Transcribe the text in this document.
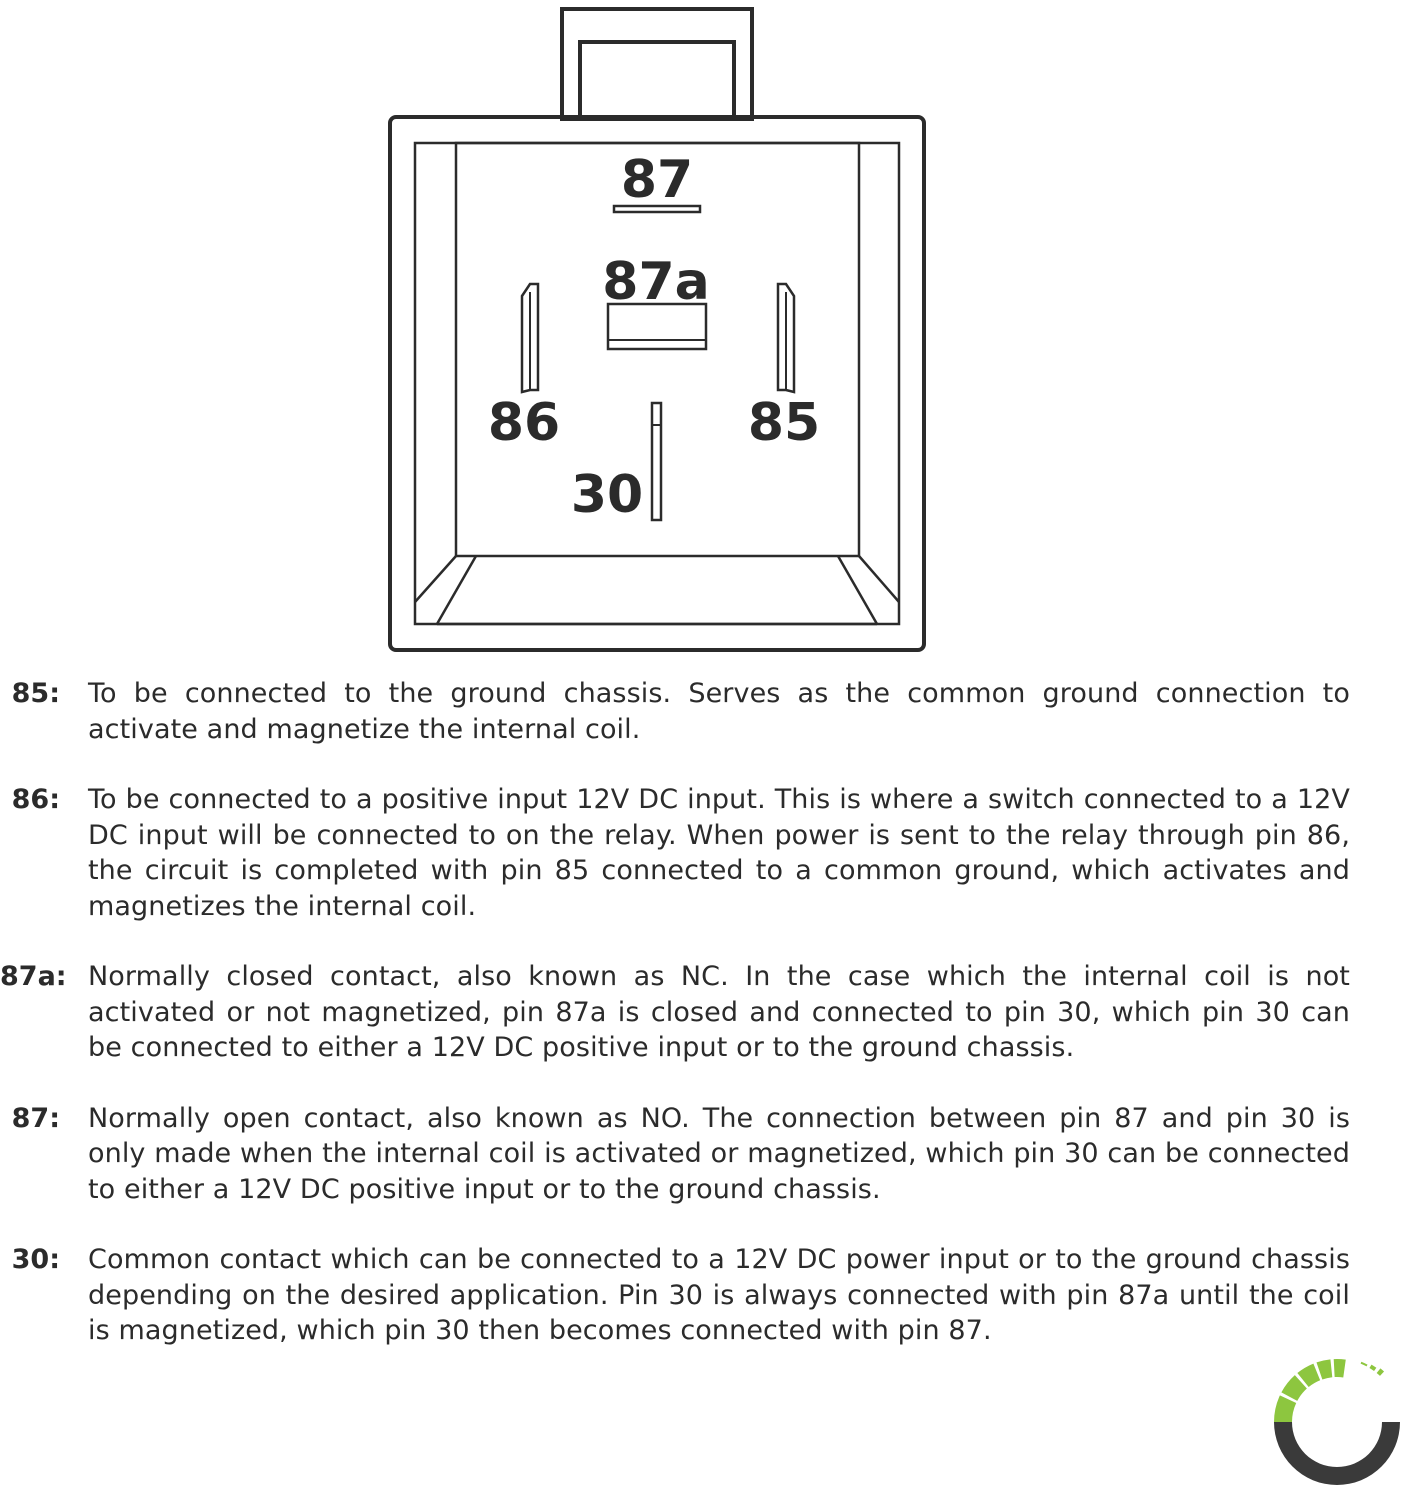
87
87a
86	85
30
85: To be connected to the ground chassis. Serves as the common ground connection to activate and magnetize the internal coil.
86: To be connected to a positive input 12V DC input. This is where a switch connected to a 12V DC input will be connected to on the relay. When power is sent to the relay through pin 86, the circuit is completed with pin 85 connected to a common ground, which activates and magnetizes the internal coil.
87a: Normally closed contact, also known as NC. In the case which the internal coil is not activated or not magnetized, pin 87a is closed and connected to pin 30, which pin 30 can be connected to either a 12V DC positive input or to the ground chassis.
87: Normally open contact, also known as NO. The connection between pin 87 and pin 30 is only made when the internal coil is activated or magnetized, which pin 30 can be connected to either a 12V DC positive input or to the ground chassis.
30: Common contact which can be connected to a 12V DC power input or to the ground chassis depending on the desired application. Pin 30 is always connected with pin 87a until the coil is magnetized, which pin 30 then becomes connected with pin 87.
